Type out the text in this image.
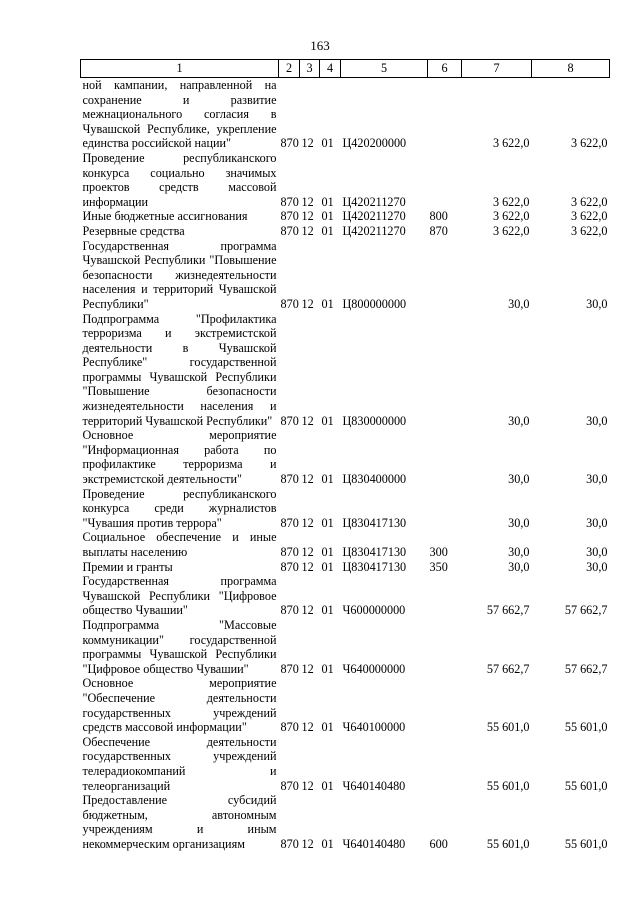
163
1	2	3	4	5	6	7	8
ной кампании, направленной на сохранение и развитие межнационального согласия в Чувашской Республике, укрепление единства российской нации"	870	12	01	Ц420200000		3 622,0	3 622,0
Проведение республиканского конкурса социально значимых проектов средств массовой информации	870	12	01	Ц420211270		3 622,0	3 622,0
Иные бюджетные ассигнования	870	12	01	Ц420211270	800	3 622,0	3 622,0
Резервные средства	870	12	01	Ц420211270	870	3 622,0	3 622,0
Государственная программа Чувашской Республики "Повышение безопасности жизнедеятельности населения и территорий Чувашской Республики"	870	12	01	Ц800000000		30,0	30,0
Подпрограмма "Профилактика терроризма и экстремистской деятельности в Чувашской Республике" государственной программы Чувашской Республики "Повышение безопасности жизнедеятельности населения и территорий Чувашской Республики"	870	12	01	Ц830000000		30,0	30,0
Основное мероприятие "Информационная работа по профилактике терроризма и экстремистской деятельности"	870	12	01	Ц830400000		30,0	30,0
Проведение республиканского конкурса среди журналистов "Чувашия против террора"	870	12	01	Ц830417130		30,0	30,0
Социальное обеспечение и иные выплаты населению	870	12	01	Ц830417130	300	30,0	30,0
Премии и гранты	870	12	01	Ц830417130	350	30,0	30,0
Государственная программа Чувашской Республики "Цифровое общество Чувашии"	870	12	01	Ч600000000		57 662,7	57 662,7
Подпрограмма "Массовые коммуникации" государственной программы Чувашской Республики "Цифровое общество Чувашии"	870	12	01	Ч640000000		57 662,7	57 662,7
Основное мероприятие "Обеспечение деятельности государственных учреждений средств массовой информации"	870	12	01	Ч640100000		55 601,0	55 601,0
Обеспечение деятельности государственных учреждений телерадиокомпаний и телеорганизаций	870	12	01	Ч640140480		55 601,0	55 601,0
Предоставление субсидий бюджетным, автономным учреждениям и иным некоммерческим организациям	870	12	01	Ч640140480	600	55 601,0	55 601,0
